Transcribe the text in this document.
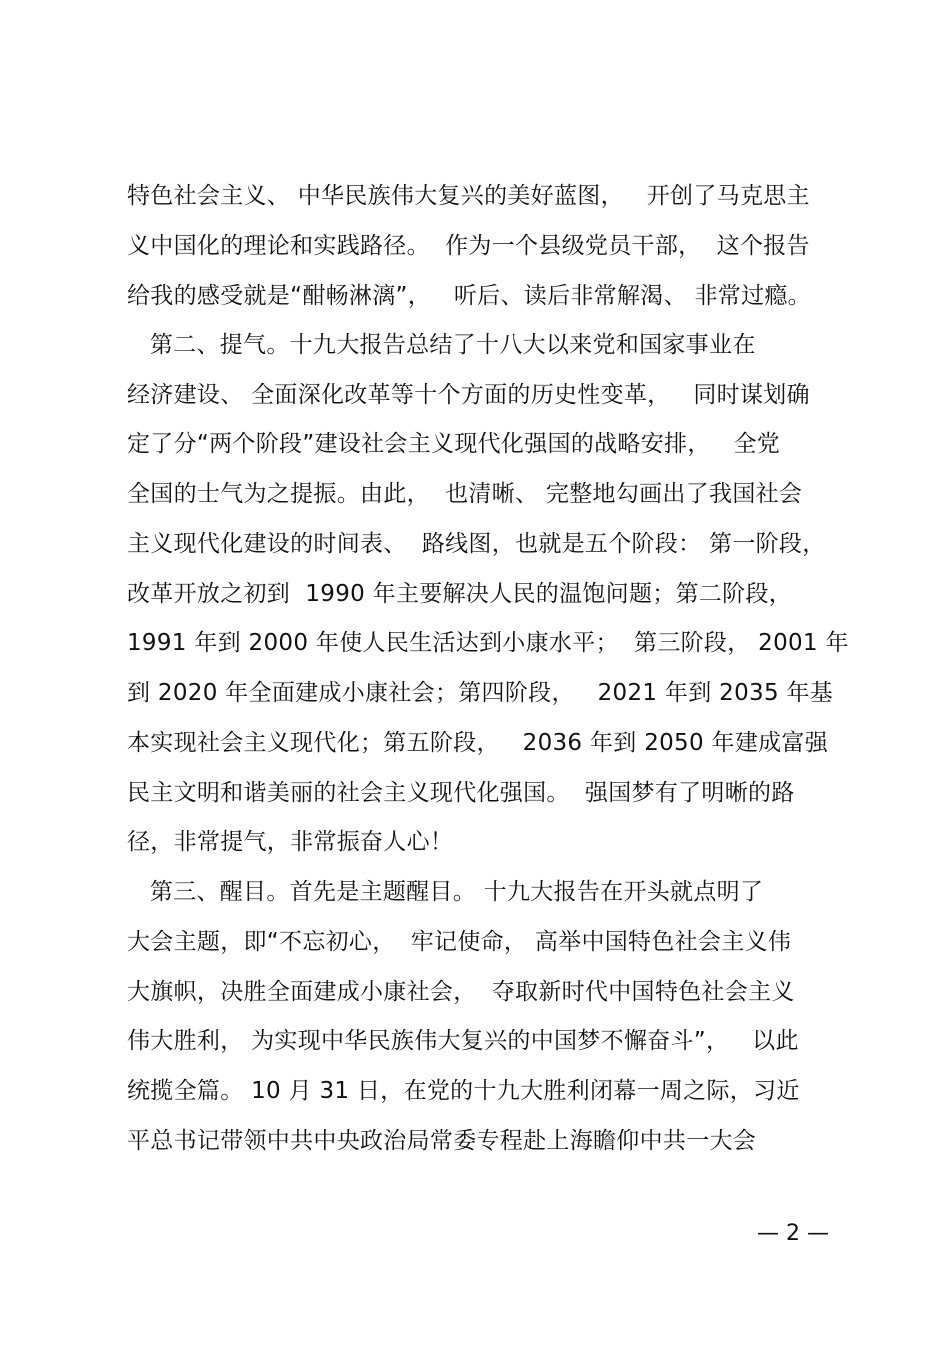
特色社会主义、 中华民族伟大复兴的美好蓝图，   开创了马克思主
义中国化的理论和实践路径。  作为一个县级党员干部，  这个报告
给我的感受就是“酣畅淋漓”，   听后、读后非常解渴、 非常过瘾。
第二、提气。十九大报告总结了十八大以来党和国家事业在
经济建设、 全面深化改革等十个方面的历史性变革，   同时谋划确
定了分“两个阶段”建设社会主义现代化强国的战略安排，   全党
全国的士气为之提振。由此，  也清晰、 完整地勾画出了我国社会
主义现代化建设的时间表、  路线图，也就是五个阶段： 第一阶段，
改革开放之初到  1990 年主要解决人民的温饱问题；第二阶段，
1991 年到 2000 年使人民生活达到小康水平；  第三阶段， 2001 年
到 2020 年全面建成小康社会；第四阶段，   2021 年到 2035 年基
本实现社会主义现代化；第五阶段，   2036 年到 2050 年建成富强
民主文明和谐美丽的社会主义现代化强国。  强国梦有了明晰的路
径，非常提气，非常振奋人心！
第三、醒目。首先是主题醒目。 十九大报告在开头就点明了
大会主题，即“不忘初心，  牢记使命， 高举中国特色社会主义伟
大旗帜，决胜全面建成小康社会，  夺取新时代中国特色社会主义
伟大胜利， 为实现中华民族伟大复兴的中国梦不懈奋斗”，   以此
统揽全篇。 10 月 31 日，在党的十九大胜利闭幕一周之际，习近
平总书记带领中共中央政治局常委专程赴上海瞻仰中共一大会
— 2 —
